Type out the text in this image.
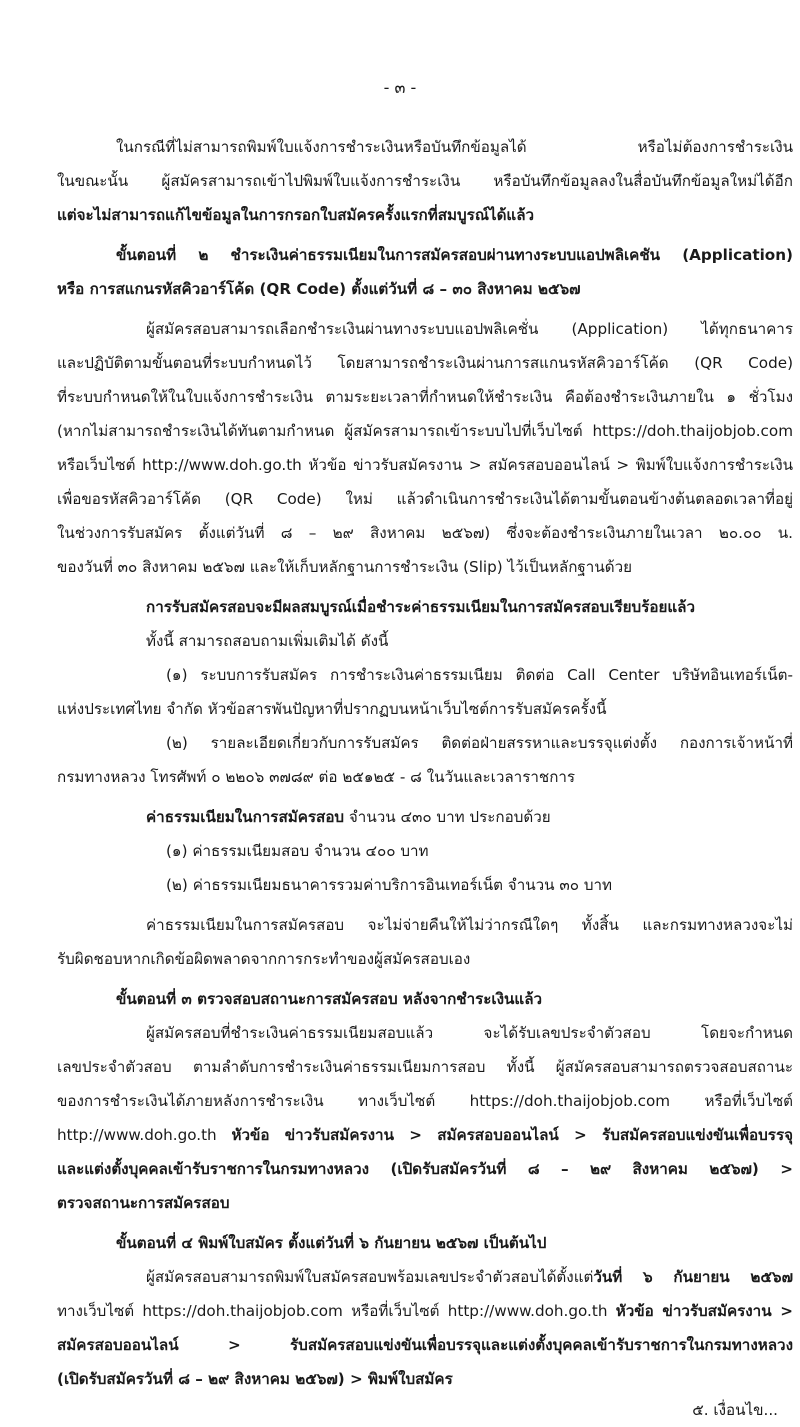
- ๓ -
ในกรณีที่ไม่สามารถพิมพ์ใบแจ้งการชำระเงินหรือบันทึกข้อมูลได้ หรือไม่ต้องการชำระเงิน
ในขณะนั้น ผู้สมัครสามารถเข้าไปพิมพ์ใบแจ้งการชำระเงิน หรือบันทึกข้อมูลลงในสื่อบันทึกข้อมูลใหม่ได้อีก
แต่จะไม่สามารถแก้ไขข้อมูลในการกรอกใบสมัครครั้งแรกที่สมบูรณ์ได้แล้ว
ขั้นตอนที่ ๒ ชำระเงินค่าธรรมเนียมในการสมัครสอบผ่านทางระบบแอปพลิเคชัน (Application)
หรือ การสแกนรหัสคิวอาร์โค้ด (QR Code) ตั้งแต่วันที่ ๘ – ๓๐ สิงหาคม ๒๕๖๗
ผู้สมัครสอบสามารถเลือกชำระเงินผ่านทางระบบแอปพลิเคชั่น (Application) ได้ทุกธนาคาร
และปฏิบัติตามขั้นตอนที่ระบบกำหนดไว้ โดยสามารถชำระเงินผ่านการสแกนรหัสคิวอาร์โค้ด (QR Code)
ที่ระบบกำหนดให้ในใบแจ้งการชำระเงิน ตามระยะเวลาที่กำหนดให้ชำระเงิน คือต้องชำระเงินภายใน ๑ ชั่วโมง
(หากไม่สามารถชำระเงินได้ทันตามกำหนด ผู้สมัครสามารถเข้าระบบไปที่เว็บไซต์ https://doh.thaijobjob.com
หรือเว็บไซต์ http://www.doh.go.th หัวข้อ ข่าวรับสมัครงาน > สมัครสอบออนไลน์ > พิมพ์ใบแจ้งการชำระเงิน
เพื่อขอรหัสคิวอาร์โค้ด (QR Code) ใหม่ แล้วดำเนินการชำระเงินได้ตามขั้นตอนข้างต้นตลอดเวลาที่อยู่
ในช่วงการรับสมัคร ตั้งแต่วันที่ ๘ – ๒๙ สิงหาคม ๒๕๖๗) ซึ่งจะต้องชำระเงินภายในเวลา ๒๐.๐๐ น.
ของวันที่ ๓๐ สิงหาคม ๒๕๖๗ และให้เก็บหลักฐานการชำระเงิน (Slip) ไว้เป็นหลักฐานด้วย
การรับสมัครสอบจะมีผลสมบูรณ์เมื่อชำระค่าธรรมเนียมในการสมัครสอบเรียบร้อยแล้ว
ทั้งนี้ สามารถสอบถามเพิ่มเติมได้ ดังนี้
(๑) ระบบการรับสมัคร การชำระเงินค่าธรรมเนียม ติดต่อ Call Center บริษัทอินเทอร์เน็ต-
แห่งประเทศไทย จำกัด หัวข้อสารพันปัญหาที่ปรากฏบนหน้าเว็บไซต์การรับสมัครครั้งนี้
(๒) รายละเอียดเกี่ยวกับการรับสมัคร ติดต่อฝ่ายสรรหาและบรรจุแต่งตั้ง กองการเจ้าหน้าที่
กรมทางหลวง โทรศัพท์ ๐ ๒๒๐๖ ๓๗๘๙ ต่อ ๒๕๑๒๕ - ๘ ในวันและเวลาราชการ
ค่าธรรมเนียมในการสมัครสอบ จำนวน ๔๓๐ บาท ประกอบด้วย
(๑) ค่าธรรมเนียมสอบ จำนวน ๔๐๐ บาท
(๒) ค่าธรรมเนียมธนาคารรวมค่าบริการอินเทอร์เน็ต จำนวน ๓๐ บาท
ค่าธรรมเนียมในการสมัครสอบ จะไม่จ่ายคืนให้ไม่ว่ากรณีใดๆ ทั้งสิ้น และกรมทางหลวงจะไม่
รับผิดชอบหากเกิดข้อผิดพลาดจากการกระทำของผู้สมัครสอบเอง
ขั้นตอนที่ ๓ ตรวจสอบสถานะการสมัครสอบ หลังจากชำระเงินแล้ว
ผู้สมัครสอบที่ชำระเงินค่าธรรมเนียมสอบแล้ว จะได้รับเลขประจำตัวสอบ โดยจะกำหนด
เลขประจำตัวสอบ ตามลำดับการชำระเงินค่าธรรมเนียมการสอบ ทั้งนี้ ผู้สมัครสอบสามารถตรวจสอบสถานะ
ของการชำระเงินได้ภายหลังการชำระเงิน ทางเว็บไซต์ https://doh.thaijobjob.com หรือที่เว็บไซต์
http://www.doh.go.th หัวข้อ ข่าวรับสมัครงาน > สมัครสอบออนไลน์ > รับสมัครสอบแข่งขันเพื่อบรรจุ
และแต่งตั้งบุคคลเข้ารับราชการในกรมทางหลวง (เปิดรับสมัครวันที่ ๘ – ๒๙ สิงหาคม ๒๕๖๗) >
ตรวจสถานะการสมัครสอบ
ขั้นตอนที่ ๔ พิมพ์ใบสมัคร ตั้งแต่วันที่ ๖ กันยายน ๒๕๖๗ เป็นต้นไป
ผู้สมัครสอบสามารถพิมพ์ใบสมัครสอบพร้อมเลขประจำตัวสอบได้ตั้งแต่วันที่ ๖ กันยายน ๒๕๖๗
ทางเว็บไซต์ https://doh.thaijobjob.com หรือที่เว็บไซต์ http://www.doh.go.th หัวข้อ ข่าวรับสมัครงาน >
สมัครสอบออนไลน์ > รับสมัครสอบแข่งขันเพื่อบรรจุและแต่งตั้งบุคคลเข้ารับราชการในกรมทางหลวง
(เปิดรับสมัครวันที่ ๘ – ๒๙ สิงหาคม ๒๕๖๗) > พิมพ์ใบสมัคร
๕. เงื่อนไข...
